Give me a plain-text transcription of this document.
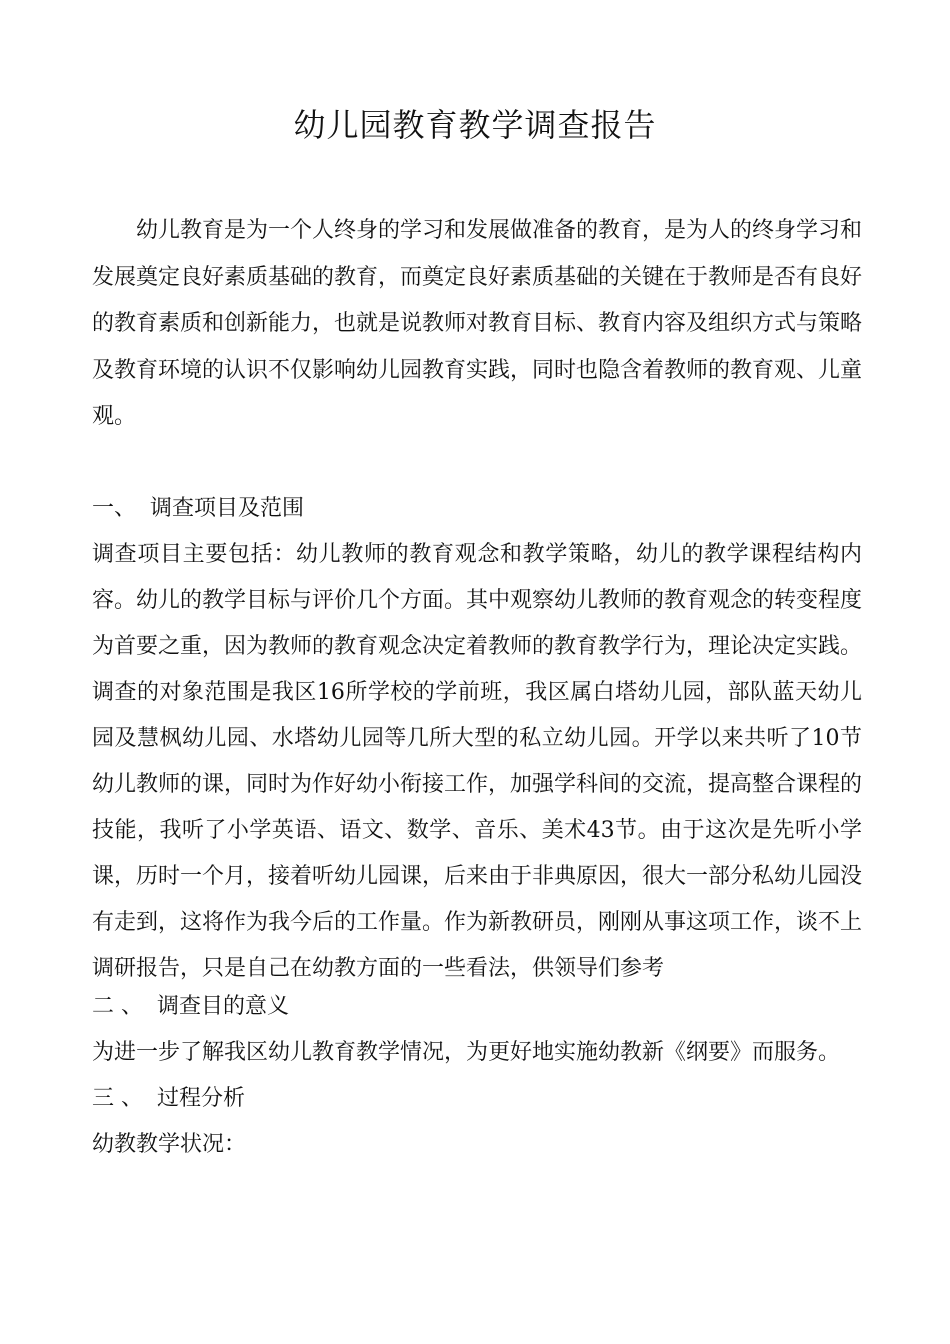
幼儿园教育教学调查报告

幼儿教育是为一个人终身的学习和发展做准备的教育，是为人的终身学习和发展奠定良好素质基础的教育，而奠定良好素质基础的关键在于教师是否有良好的教育素质和创新能力，也就是说教师对教育目标、教育内容及组织方式与策略及教育环境的认识不仅影响幼儿园教育实践，同时也隐含着教师的教育观、儿童观。

一、  调查项目及范围

调查项目主要包括：幼儿教师的教育观念和教学策略，幼儿的教学课程结构内容。幼儿的教学目标与评价几个方面。其中观察幼儿教师的教育观念的转变程度为首要之重，因为教师的教育观念决定着教师的教育教学行为，理论决定实践。调查的对象范围是我区16所学校的学前班，我区属白塔幼儿园，部队蓝天幼儿园及慧枫幼儿园、水塔幼儿园等几所大型的私立幼儿园。开学以来共听了10节幼儿教师的课，同时为作好幼小衔接工作，加强学科间的交流，提高整合课程的技能，我听了小学英语、语文、数学、音乐、美术43节。由于这次是先听小学课，历时一个月，接着听幼儿园课，后来由于非典原因，很大一部分私幼儿园没有走到，这将作为我今后的工作量。作为新教研员，刚刚从事这项工作，谈不上调研报告，只是自己在幼教方面的一些看法，供领导们参考

二 、  调查目的意义

为进一步了解我区幼儿教育教学情况，为更好地实施幼教新《纲要》而服务。

三 、  过程分析

幼教教学状况：
